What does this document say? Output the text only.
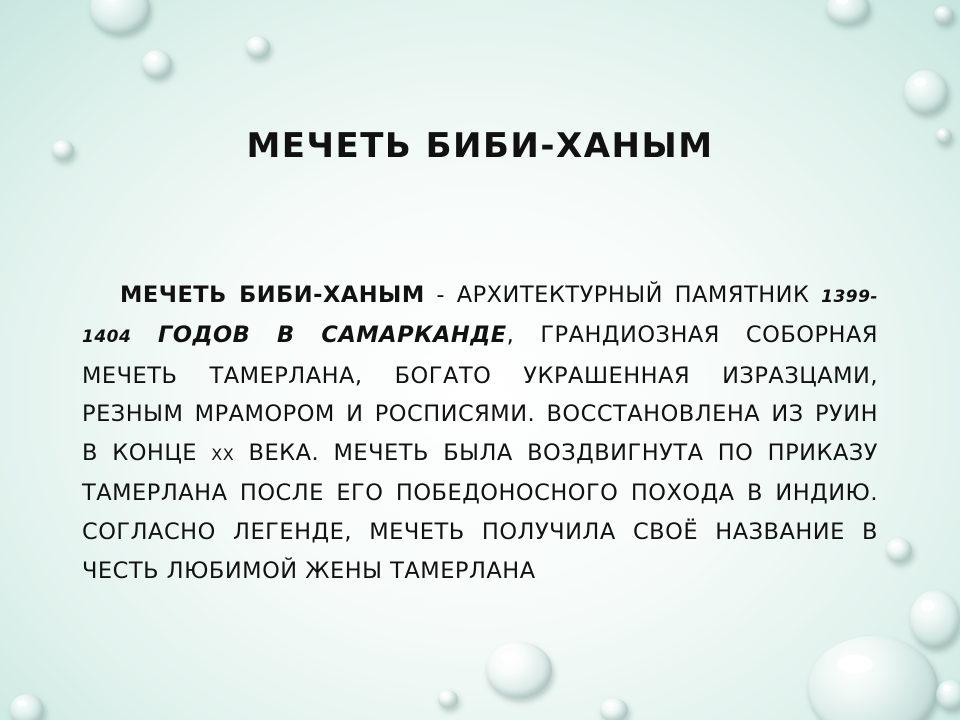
МЕЧЕТЬ БИБИ-ХАНЫМ

МЕЧЕТЬ БИБИ-ХАНЫМ - АРХИТЕКТУРНЫЙ ПАМЯТНИК 1399-1404 ГОДОВ В САМАРКАНДЕ, ГРАНДИОЗНАЯ СОБОРНАЯ МЕЧЕТЬ ТАМЕРЛАНА, БОГАТО УКРАШЕННАЯ ИЗРАЗЦАМИ, РЕЗНЫМ МРАМОРОМ И РОСПИСЯМИ. ВОССТАНОВЛЕНА ИЗ РУИН В КОНЦЕ XX ВЕКА. МЕЧЕТЬ БЫЛА ВОЗДВИГНУТА ПО ПРИКАЗУ ТАМЕРЛАНА ПОСЛЕ ЕГО ПОБЕДОНОСНОГО ПОХОДА В ИНДИЮ. СОГЛАСНО ЛЕГЕНДЕ, МЕЧЕТЬ ПОЛУЧИЛА СВОЁ НАЗВАНИЕ В ЧЕСТЬ ЛЮБИМОЙ ЖЕНЫ ТАМЕРЛАНА
